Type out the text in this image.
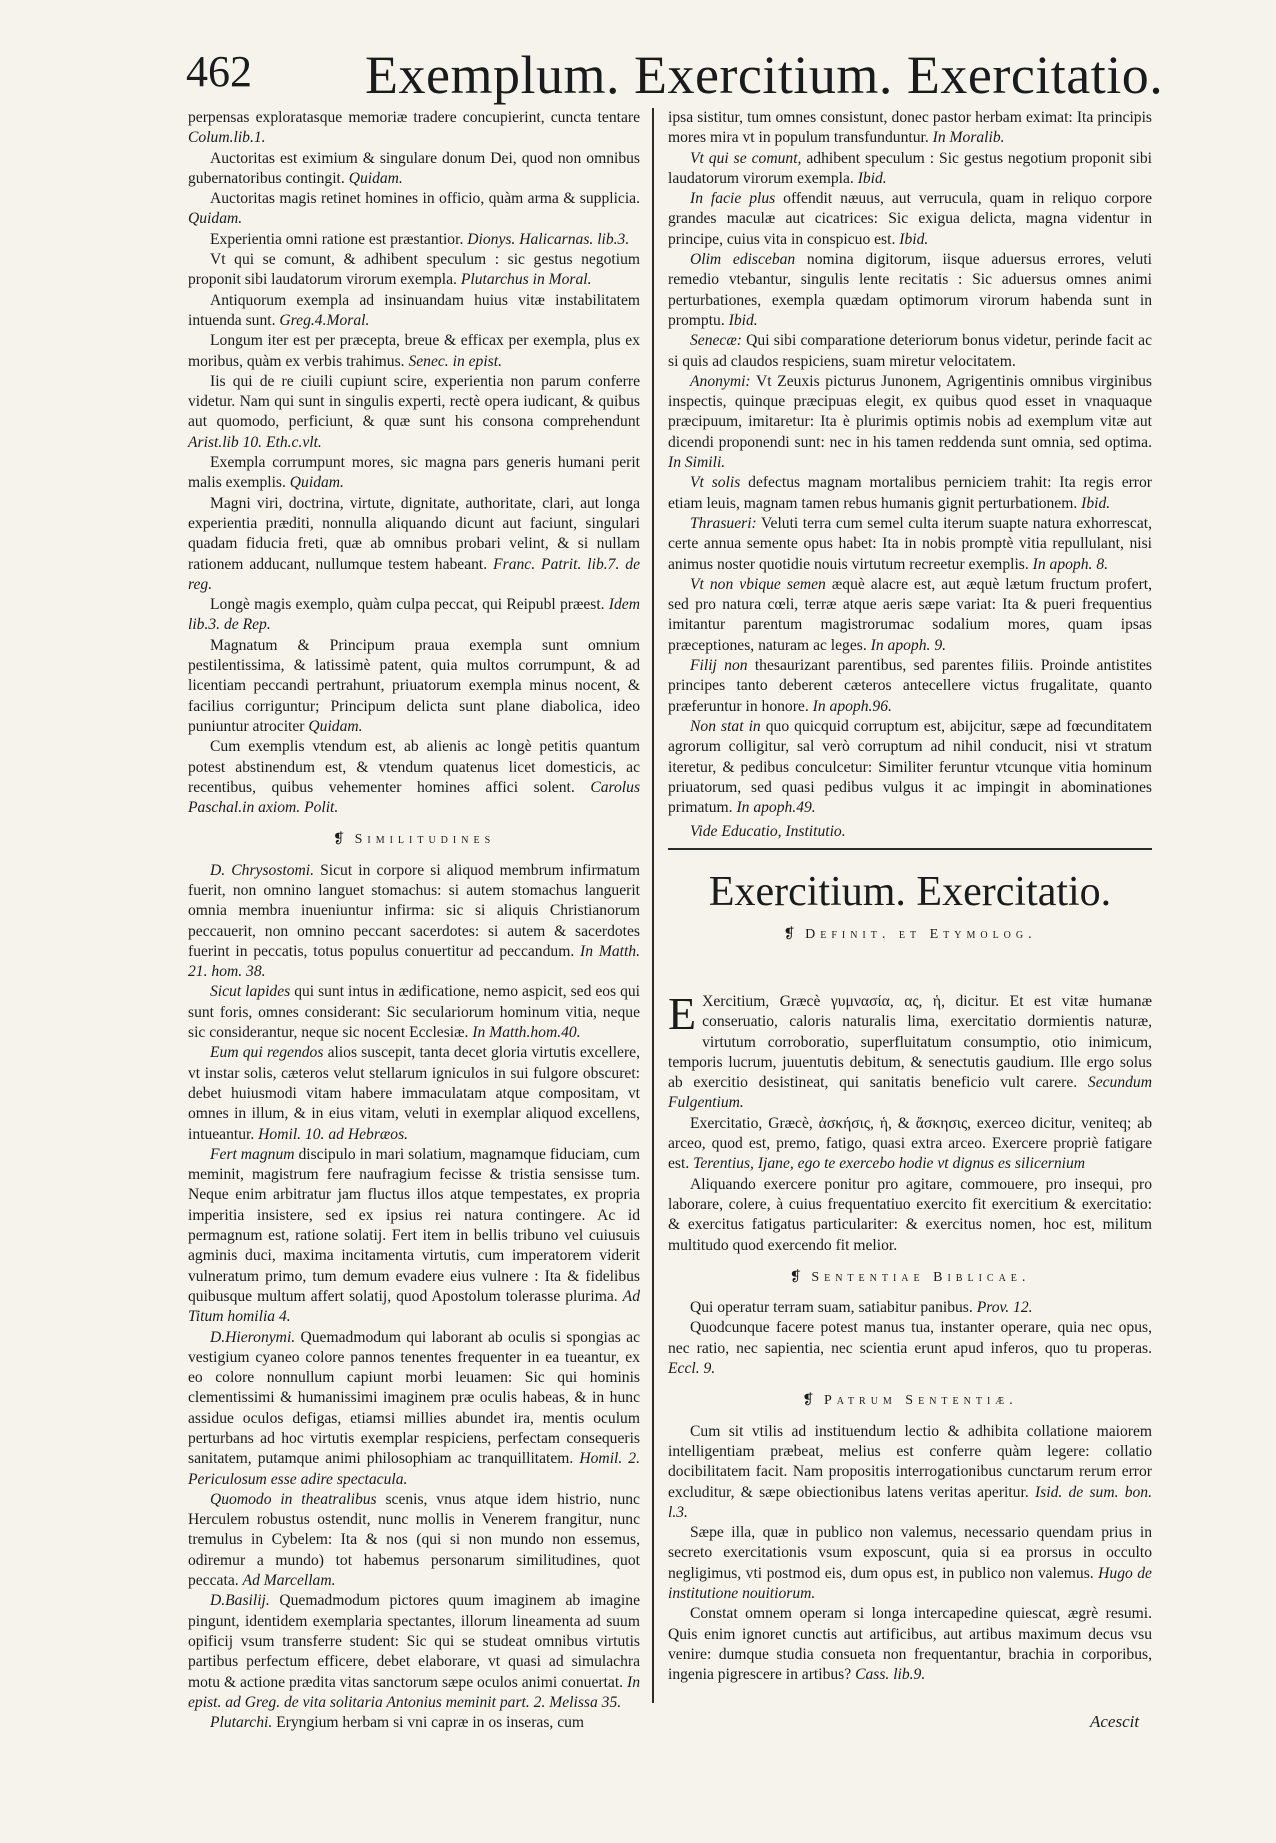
462 Exemplum. Exercitium. Exercitatio.

perpensas exploratasque memoriæ tradere concupierint, cuncta tentare Colum.lib.1.

Auctoritas est eximium & singulare donum Dei, quod non omnibus gubernatoribus contingit. Quidam.

Auctoritas magis retinet homines in officio, quàm arma & supplicia. Quidam.

Experientia omni ratione est præstantior. Dionys. Halicarnas. lib.3.

Vt qui se comunt, & adhibent speculum : sic gestus negotium proponit sibi laudatorum virorum exempla. Plutarchus in Moral.

Antiquorum exempla ad insinuandam huius vitæ instabilitatem intuenda sunt. Greg.4.Moral.

Longum iter est per præcepta, breue & efficax per exempla, plus ex moribus, quàm ex verbis trahimus. Senec. in epist.

Iis qui de re ciuili cupiunt scire, experientia non parum conferre videtur. Nam qui sunt in singulis experti, rectè opera iudicant, & quibus aut quomodo, perficiunt, & quæ sunt his consona comprehendunt Arist.lib 10. Eth.c.vlt.

Exempla corrumpunt mores, sic magna pars generis humani perit malis exemplis. Quidam.

Magni viri, doctrina, virtute, dignitate, authoritate, clari, aut longa experientia præditi, nonnulla aliquando dicunt aut faciunt, singulari quadam fiducia freti, quæ ab omnibus probari velint, & si nullam rationem adducant, nullumque testem habeant. Franc. Patrit. lib.7. de reg.

Longè magis exemplo, quàm culpa peccat, qui Reipubl præest. Idem lib.3. de Rep.

Magnatum & Principum praua exempla sunt omnium pestilentissima, & latissimè patent, quia multos corrumpunt, & ad licentiam peccandi pertrahunt, priuatorum exempla minus nocent, & facilius corriguntur; Principum delicta sunt plane diabolica, ideo puniuntur atrociter Quidam.

Cum exemplis vtendum est, ab alienis ac longè petitis quantum potest abstinendum est, & vtendum quatenus licet domesticis, ac recentibus, quibus vehementer homines affici solent. Carolus Paschal.in axiom. Polit.

❡ Similitudines

D. Chrysostomi. Sicut in corpore si aliquod membrum infirmatum fuerit, non omnino languet stomachus: si autem stomachus languerit omnia membra inueniuntur infirma: sic si aliquis Christianorum peccauerit, non omnino peccant sacerdotes: si autem & sacerdotes fuerint in peccatis, totus populus conuertitur ad peccandum. In Matth. 21. hom. 38.

Sicut lapides qui sunt intus in ædificatione, nemo aspicit, sed eos qui sunt foris, omnes considerant: Sic seculariorum hominum vitia, neque sic considerantur, neque sic nocent Ecclesiæ. In Matth.hom.40.

Eum qui regendos alios suscepit, tanta decet gloria virtutis excellere, vt instar solis, cæteros velut stellarum igniculos in sui fulgore obscuret: debet huiusmodi vitam habere immaculatam atque compositam, vt omnes in illum, & in eius vitam, veluti in exemplar aliquod excellens, intueantur. Homil. 10. ad Hebræos.

Fert magnum discipulo in mari solatium, magnamque fiduciam, cum meminit, magistrum fere naufragium fecisse & tristia sensisse tum. Neque enim arbitratur jam fluctus illos atque tempestates, ex propria imperitia insistere, sed ex ipsius rei natura contingere. Ac id permagnum est, ratione solatij. Fert item in bellis tribuno vel cuiusuis agminis duci, maxima incitamenta virtutis, cum imperatorem viderit vulneratum primo, tum demum evadere eius vulnere : Ita & fidelibus quibusque multum affert solatij, quod Apostolum tolerasse plurima. Ad Titum homilia 4.

D.Hieronymi. Quemadmodum qui laborant ab oculis si spongias ac vestigium cyaneo colore pannos tenentes frequenter in ea tueantur, ex eo colore nonnullum capiunt morbi leuamen: Sic qui hominis clementissimi & humanissimi imaginem præ oculis habeas, & in hunc assidue oculos defigas, etiamsi millies abundet ira, mentis oculum perturbans ad hoc virtutis exemplar respiciens, perfectam consequeris sanitatem, putamque animi philosophiam ac tranquillitatem. Homil. 2. Periculosum esse adire spectacula.

Quomodo in theatralibus scenis, vnus atque idem histrio, nunc Herculem robustus ostendit, nunc mollis in Venerem frangitur, nunc tremulus in Cybelem: Ita & nos (qui si non mundo non essemus, odiremur a mundo) tot habemus personarum similitudines, quot peccata. Ad Marcellam.

D.Basilij. Quemadmodum pictores quum imaginem ab imagine pingunt, identidem exemplaria spectantes, illorum lineamenta ad suum opificij vsum transferre student: Sic qui se studeat omnibus virtutis partibus perfectum efficere, debet elaborare, vt quasi ad simulachra motu & actione prædita vitas sanctorum sæpe oculos animi conuertat. In epist. ad Greg. de vita solitaria Antonius meminit part. 2. Melissa 35.

Plutarchi. Eryngium herbam si vni capræ in os inseras, cum

ipsa sistitur, tum omnes consistunt, donec pastor herbam eximat: Ita principis mores mira vt in populum transfunduntur. In Moralib.

Vt qui se comunt, adhibent speculum : Sic gestus negotium proponit sibi laudatorum virorum exempla. Ibid.

In facie plus offendit næuus, aut verrucula, quam in reliquo corpore grandes maculæ aut cicatrices: Sic exigua delicta, magna videntur in principe, cuius vita in conspicuo est. Ibid.

Olim edisceban nomina digitorum, iisque aduersus errores, veluti remedio vtebantur, singulis lente recitatis : Sic aduersus omnes animi perturbationes, exempla quædam optimorum virorum habenda sunt in promptu. Ibid.

Senecæ: Qui sibi comparatione deteriorum bonus videtur, perinde facit ac si quis ad claudos respiciens, suam miretur velocitatem.

Anonymi: Vt Zeuxis picturus Junonem, Agrigentinis omnibus virginibus inspectis, quinque præcipuas elegit, ex quibus quod esset in vnaquaque præcipuum, imitaretur: Ita è plurimis optimis nobis ad exemplum vitæ aut dicendi proponendi sunt: nec in his tamen reddenda sunt omnia, sed optima. In Simili.

Vt solis defectus magnam mortalibus perniciem trahit: Ita regis error etiam leuis, magnam tamen rebus humanis gignit perturbationem. Ibid.

Thrasueri: Veluti terra cum semel culta iterum suapte natura exhorrescat, certe annua semente opus habet: Ita in nobis promptè vitia repullulant, nisi animus noster quotidie nouis virtutum recreetur exemplis. In apoph. 8.

Vt non vbique semen æquè alacre est, aut æquè lætum fructum profert, sed pro natura cœli, terræ atque aeris sæpe variat: Ita & pueri frequentius imitantur parentum magistrorumac sodalium mores, quam ipsas præceptiones, naturam ac leges. In apoph. 9.

Filij non thesaurizant parentibus, sed parentes filiis. Proinde antistites principes tanto deberent cæteros antecellere victus frugalitate, quanto præferuntur in honore. In apoph.96.

Non stat in quo quicquid corruptum est, abijcitur, sæpe ad fœcunditatem agrorum colligitur, sal verò corruptum ad nihil conducit, nisi vt stratum iteretur, & pedibus conculcetur: Similiter feruntur vtcunque vitia hominum priuatorum, sed quasi pedibus vulgus it ac impingit in abominationes primatum. In apoph.49.

Vide Educatio, Institutio.

Exercitium. Exercitatio.
❡ Definit. et Etymolog.

E Xercitium, Græcè γυμνασία, ας, ἡ, dicitur. Et est vitæ humanæ conseruatio, caloris naturalis lima, exercitatio dormientis naturæ, virtutum corroboratio, superfluitatum consumptio, otio inimicum, temporis lucrum, juuentutis debitum, & senectutis gaudium. Ille ergo solus ab exercitio desistineat, qui sanitatis beneficio vult carere. Secundum Fulgentium.

Exercitatio, Græcè, ἀσκήσις, ἡ, & ἄσκησις, exerceo dicitur, veniteq; ab arceo, quod est, premo, fatigo, quasi extra arceo. Exercere propriè fatigare est. Terentius, Ijane, ego te exercebo hodie vt dignus es silicernium

Aliquando exercere ponitur pro agitare, commouere, pro insequi, pro laborare, colere, à cuius frequentatiuo exercito fit exercitium & exercitatio: & exercitus fatigatus particulariter: & exercitus nomen, hoc est, militum multitudo quod exercendo fit melior.

❡ Sententiae Biblicae.

Qui operatur terram suam, satiabitur panibus. Prov. 12.

Quodcunque facere potest manus tua, instanter operare, quia nec opus, nec ratio, nec sapientia, nec scientia erunt apud inferos, quo tu properas. Eccl. 9.

❡ Patrum Sententiæ.

Cum sit vtilis ad instituendum lectio & adhibita collatione maiorem intelligentiam præbeat, melius est conferre quàm legere: collatio docibilitatem facit. Nam propositis interrogationibus cunctarum rerum error excluditur, & sæpe obiectionibus latens veritas aperitur. Isid. de sum. bon. l.3.

Sæpe illa, quæ in publico non valemus, necessario quendam prius in secreto exercitationis vsum exposcunt, quia si ea prorsus in occulto negligimus, vti postmod eis, dum opus est, in publico non valemus. Hugo de institutione nouitiorum.

Constat omnem operam si longa intercapedine quiescat, ægrè resumi. Quis enim ignoret cunctis aut artificibus, aut artibus maximum decus vsu venire: dumque studia consueta non frequentantur, brachia in corporibus, ingenia pigrescere in artibus? Cass. lib.9.

Acescit
